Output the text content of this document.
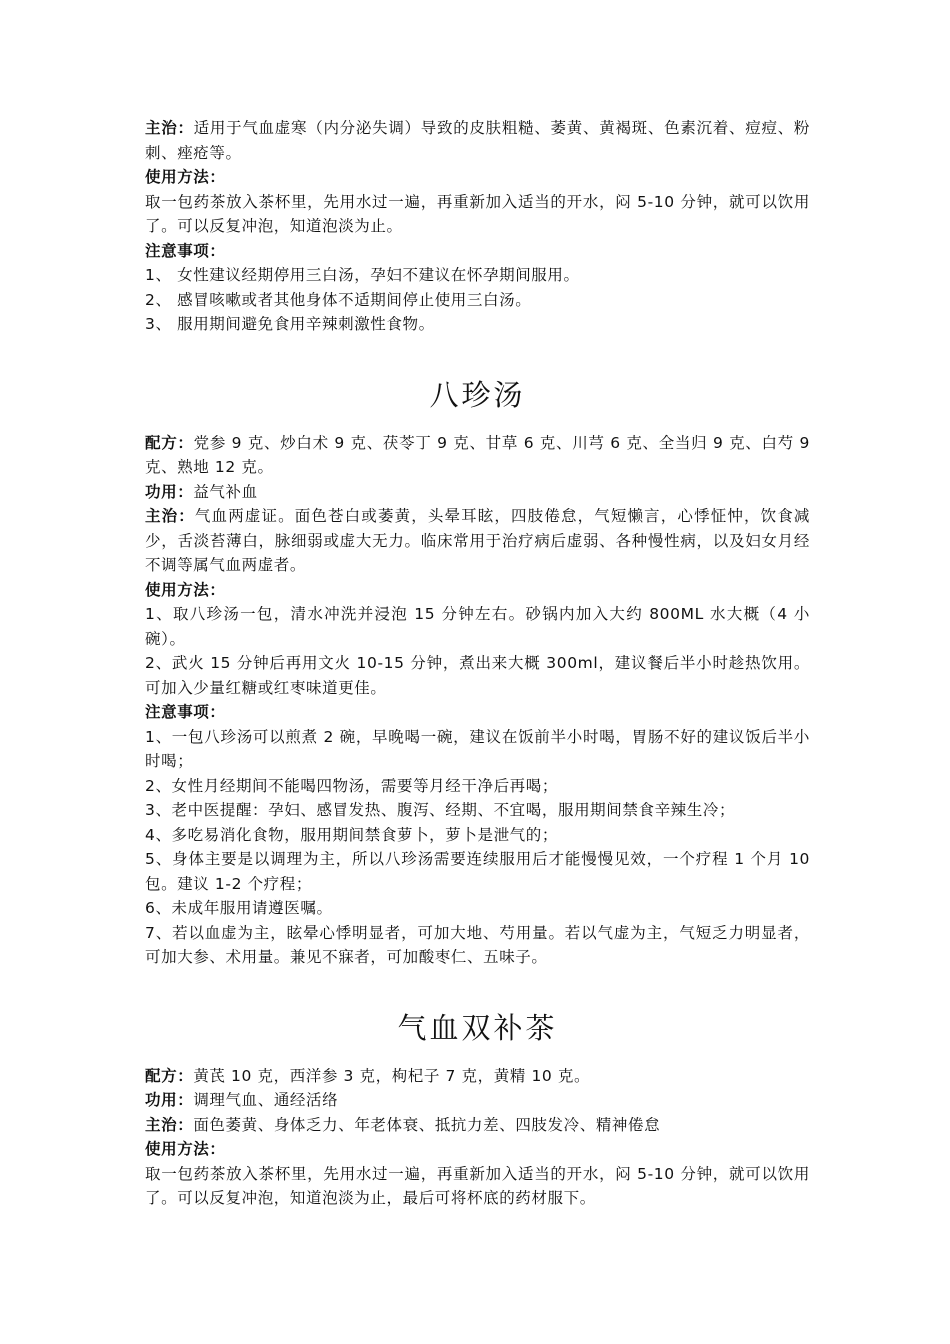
主治：适用于气血虚寒（内分泌失调）导致的皮肤粗糙、萎黄、黄褐斑、色素沉着、痘痘、粉刺、痤疮等。
使用方法：
取一包药茶放入茶杯里，先用水过一遍，再重新加入适当的开水，闷 5-10 分钟，就可以饮用了。可以反复冲泡，知道泡淡为止。
注意事项：
1、 女性建议经期停用三白汤，孕妇不建议在怀孕期间服用。
2、 感冒咳嗽或者其他身体不适期间停止使用三白汤。
3、 服用期间避免食用辛辣刺激性食物。
八珍汤
配方：党参 9 克、炒白术 9 克、茯苓丁 9 克、甘草 6 克、川芎 6 克、全当归 9 克、白芍 9 克、熟地 12 克。
功用：益气补血
主治：气血两虚证。面色苍白或萎黄，头晕耳眩，四肢倦怠，气短懒言，心悸怔忡，饮食减少，舌淡苔薄白，脉细弱或虚大无力。临床常用于治疗病后虚弱、各种慢性病，以及妇女月经不调等属气血两虚者。
使用方法：
1、取八珍汤一包，清水冲洗并浸泡 15 分钟左右。砂锅内加入大约 800ML 水大概（4 小碗）。
2、武火 15 分钟后再用文火 10-15 分钟，煮出来大概 300ml，建议餐后半小时趁热饮用。可加入少量红糖或红枣味道更佳。
注意事项：
1、一包八珍汤可以煎煮 2 碗，早晚喝一碗，建议在饭前半小时喝，胃肠不好的建议饭后半小时喝；
2、女性月经期间不能喝四物汤，需要等月经干净后再喝；
3、老中医提醒：孕妇、感冒发热、腹泻、经期、不宜喝，服用期间禁食辛辣生冷；
4、多吃易消化食物，服用期间禁食萝卜，萝卜是泄气的；
5、身体主要是以调理为主，所以八珍汤需要连续服用后才能慢慢见效，一个疗程 1 个月 10 包。建议 1-2 个疗程；
6、未成年服用请遵医嘱。
7、若以血虚为主，眩晕心悸明显者，可加大地、芍用量。若以气虚为主，气短乏力明显者，可加大参、术用量。兼见不寐者，可加酸枣仁、五味子。
气血双补茶
配方：黄芪 10 克，西洋参 3 克，枸杞子 7 克，黄精 10 克。
功用：调理气血、通经活络
主治：面色萎黄、身体乏力、年老体衰、抵抗力差、四肢发冷、精神倦怠
使用方法：
取一包药茶放入茶杯里，先用水过一遍，再重新加入适当的开水，闷 5-10 分钟，就可以饮用了。可以反复冲泡，知道泡淡为止，最后可将杯底的药材服下。
